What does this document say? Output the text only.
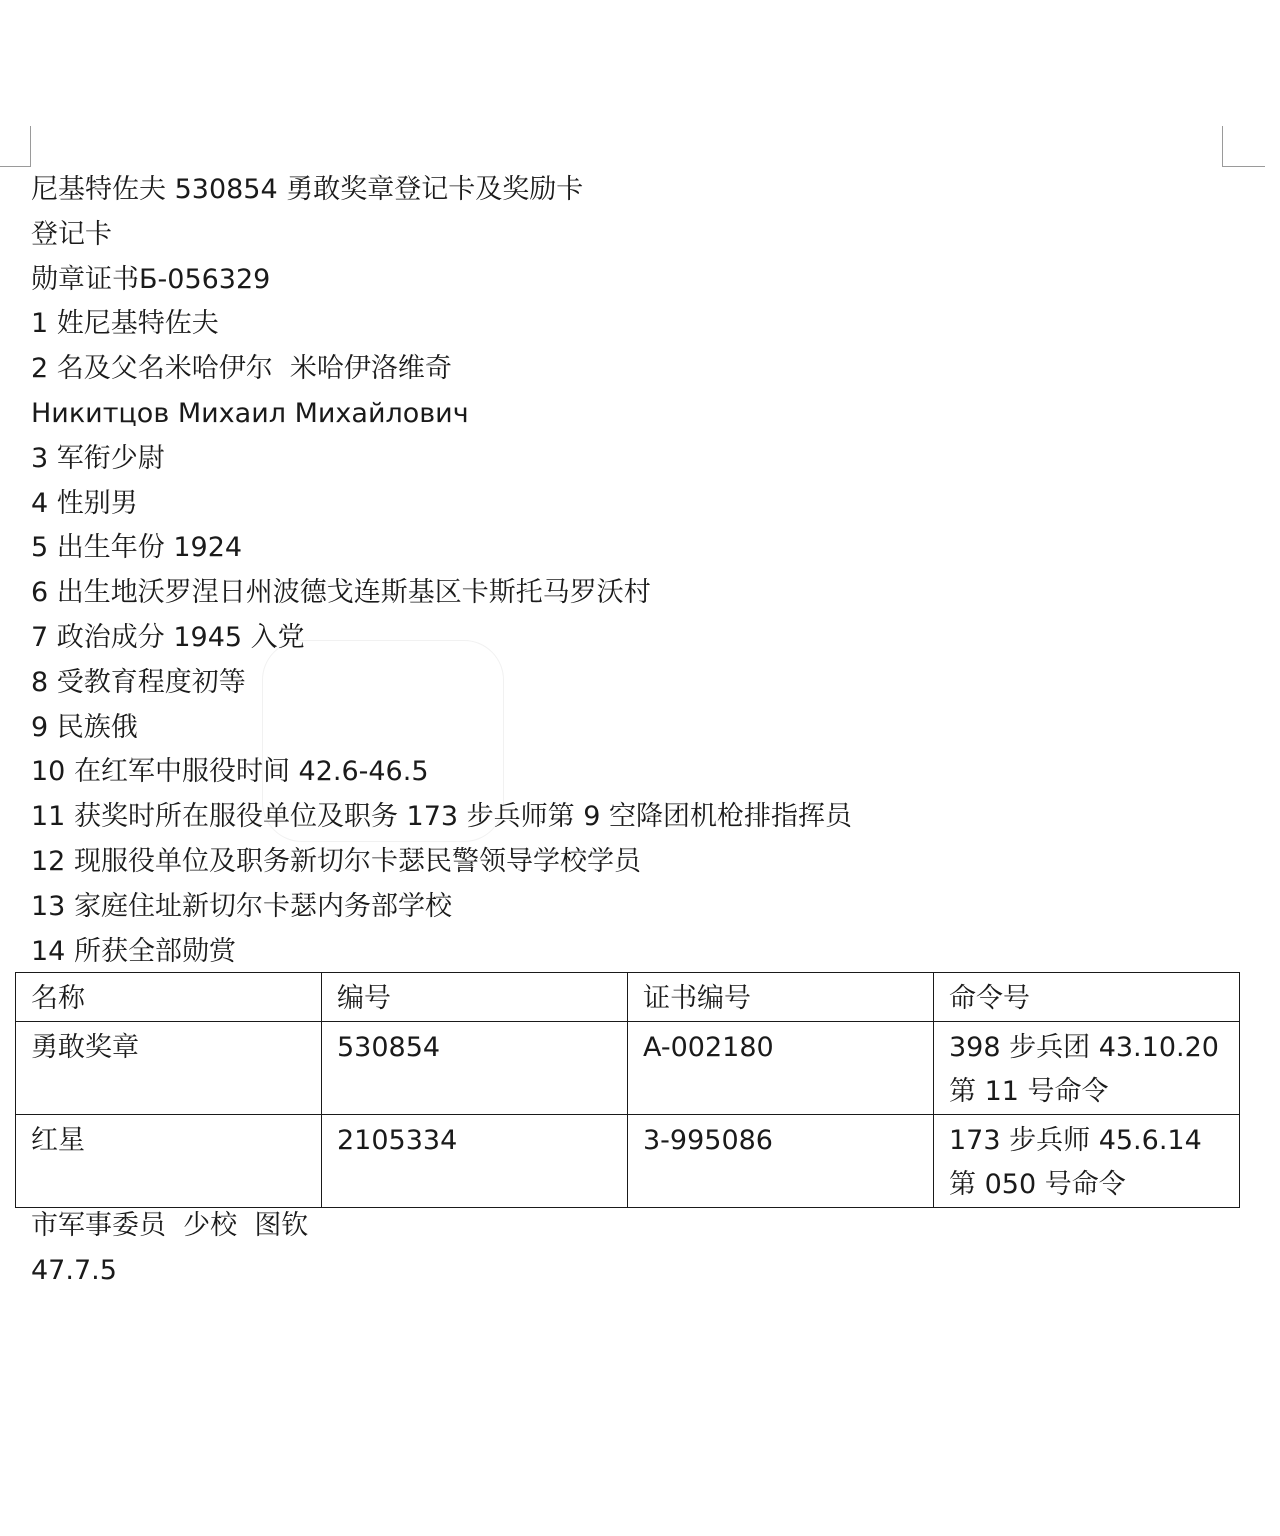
尼基特佐夫 530854 勇敢奖章登记卡及奖励卡
登记卡
勋章证书Б-056329
1 姓尼基特佐夫
2 名及父名米哈伊尔  米哈伊洛维奇
Никитцов Михаил Михайлович
3 军衔少尉
4 性别男
5 出生年份 1924
6 出生地沃罗涅日州波德戈连斯基区卡斯托马罗沃村
7 政治成分 1945 入党
8 受教育程度初等
9 民族俄
10 在红军中服役时间 42.6-46.5
11 获奖时所在服役单位及职务 173 步兵师第 9 空降团机枪排指挥员
12 现服役单位及职务新切尔卡瑟民警领导学校学员
13 家庭住址新切尔卡瑟内务部学校
14 所获全部勋赏
名称	编号	证书编号	命令号
勇敢奖章	530854	A-002180	398 步兵团 43.10.20
第 11 号命令

红星	2105334	3-995086	173 步兵师 45.6.14
第 050 号命令
市军事委员  少校  图钦
47.7.5
